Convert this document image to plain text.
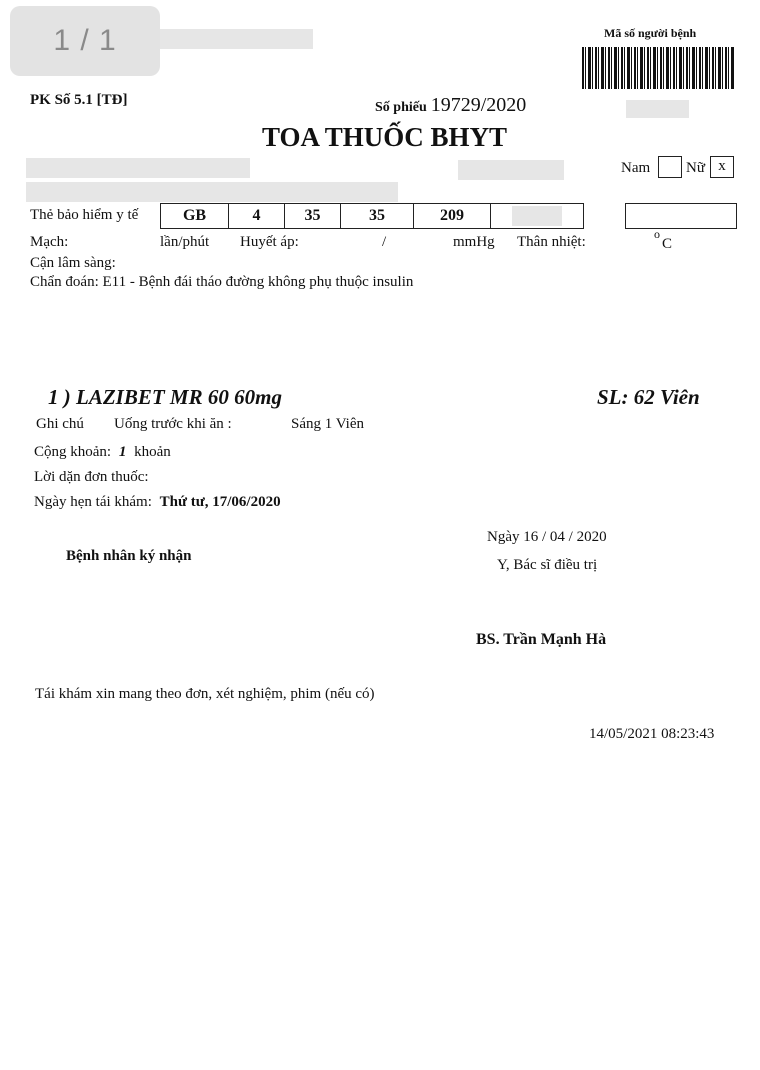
1 / 1	Mã số người bệnh
PK Số 5.1 [TĐ]	Số phiếu 19729/2020
TOA THUỐC BHYT
Nam Nữ x
Thẻ bảo hiểm y tế	GB	4	35	35	209
Mạch:	lần/phút Huyết áp:	/	mmHg Thân nhiệt:	o
C
Cận lâm sàng:
Chẩn đoán: E11 - Bệnh đái tháo đường không phụ thuộc insulin
1 ) LAZIBET MR 60 60mg	SL: 62 Viên
Ghi chú Uống trước khi ăn :	Sáng 1 Viên
Cộng khoản: 1 khoản
Lời dặn đơn thuốc:
Ngày hẹn tái khám: Thứ tư, 17/06/2020
Ngày 16 / 04 / 2020
Bệnh nhân ký nhận
Y, Bác sĩ điều trị
BS. Trần Mạnh Hà
Tái khám xin mang theo đơn, xét nghiệm, phim (nếu có)
14/05/2021 08:23:43
